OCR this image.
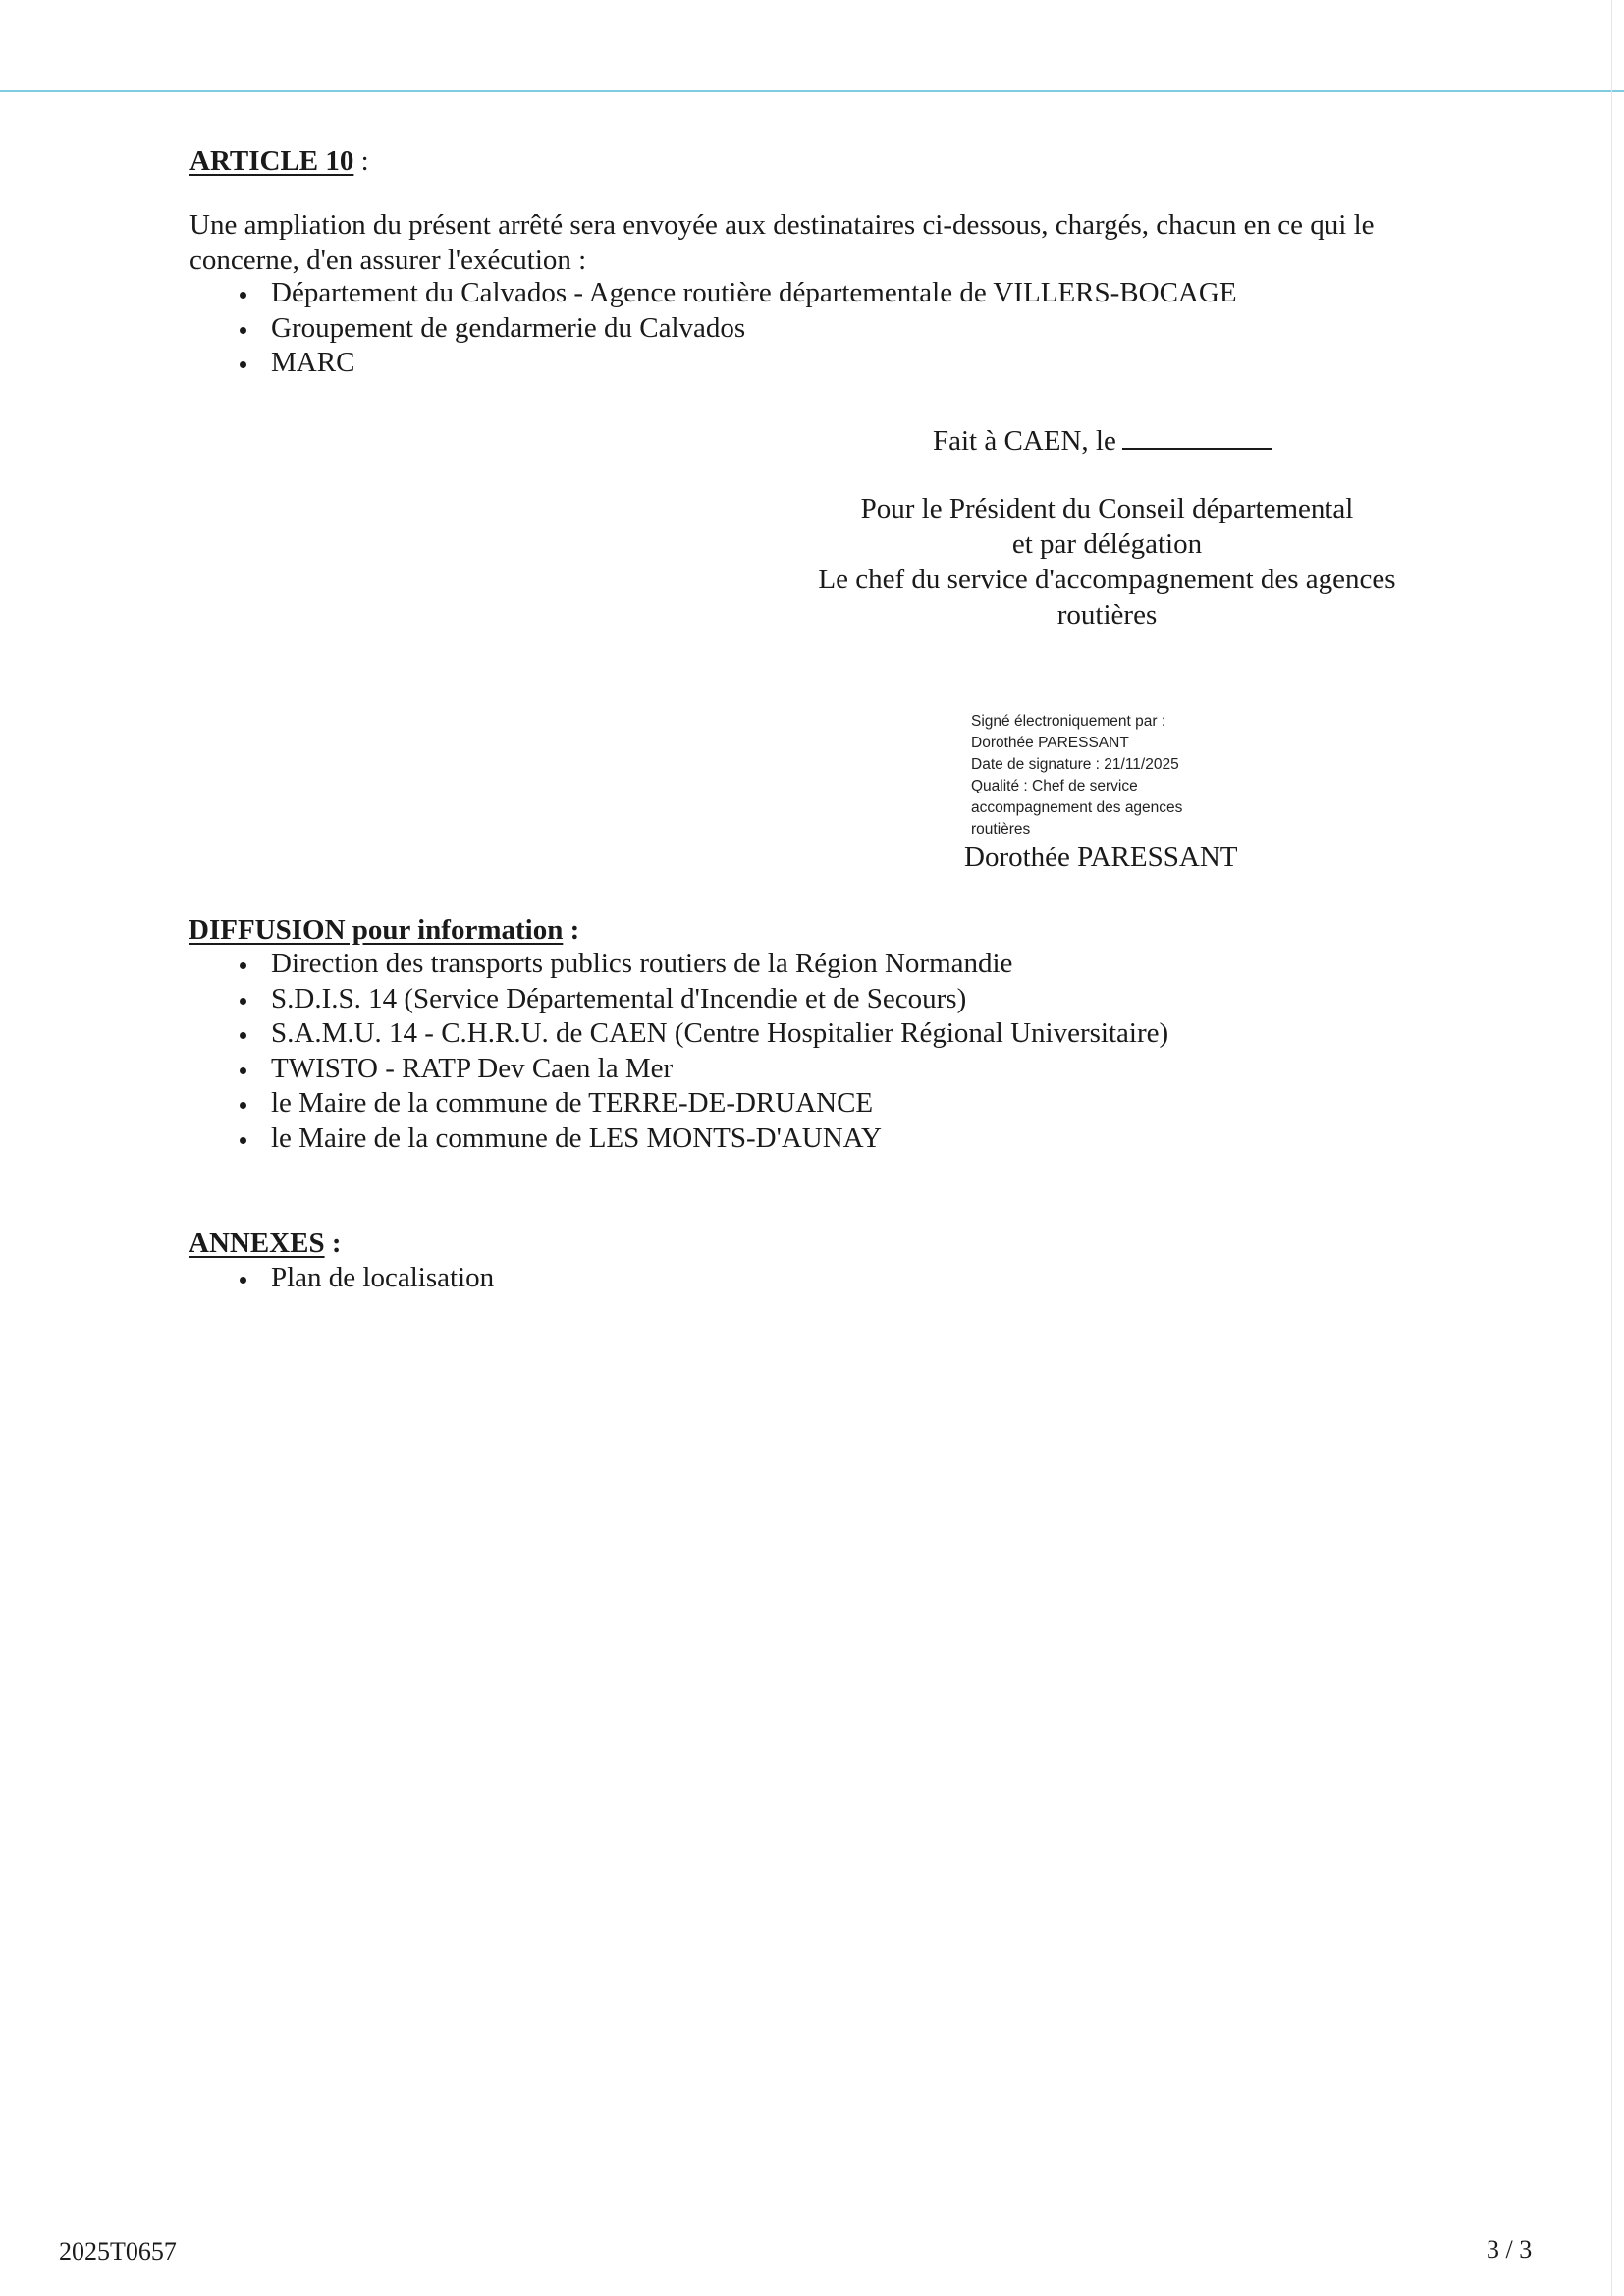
ARTICLE 10 :
Une ampliation du présent arrêté sera envoyée aux destinataires ci-dessous, chargés, chacun en ce qui le
concerne, d'en assurer l'exécution :
Département du Calvados - Agence routière départementale de VILLERS-BOCAGE
Groupement de gendarmerie du Calvados
MARC
Fait à CAEN, le
Pour le Président du Conseil départemental
et par délégation
Le chef du service d'accompagnement des agences
routières
Signé électroniquement par :
Dorothée PARESSANT
Date de signature : 21/11/2025
Qualité : Chef de service
accompagnement des agences
routières
Dorothée PARESSANT
DIFFUSION pour information :
Direction des transports publics routiers de la Région Normandie
S.D.I.S. 14 (Service Départemental d'Incendie et de Secours)
S.A.M.U. 14 - C.H.R.U. de CAEN (Centre Hospitalier Régional Universitaire)
TWISTO - RATP Dev Caen la Mer
le Maire de la commune de TERRE-DE-DRUANCE
le Maire de la commune de LES MONTS-D'AUNAY
ANNEXES :
Plan de localisation
2025T0657	3 / 3
